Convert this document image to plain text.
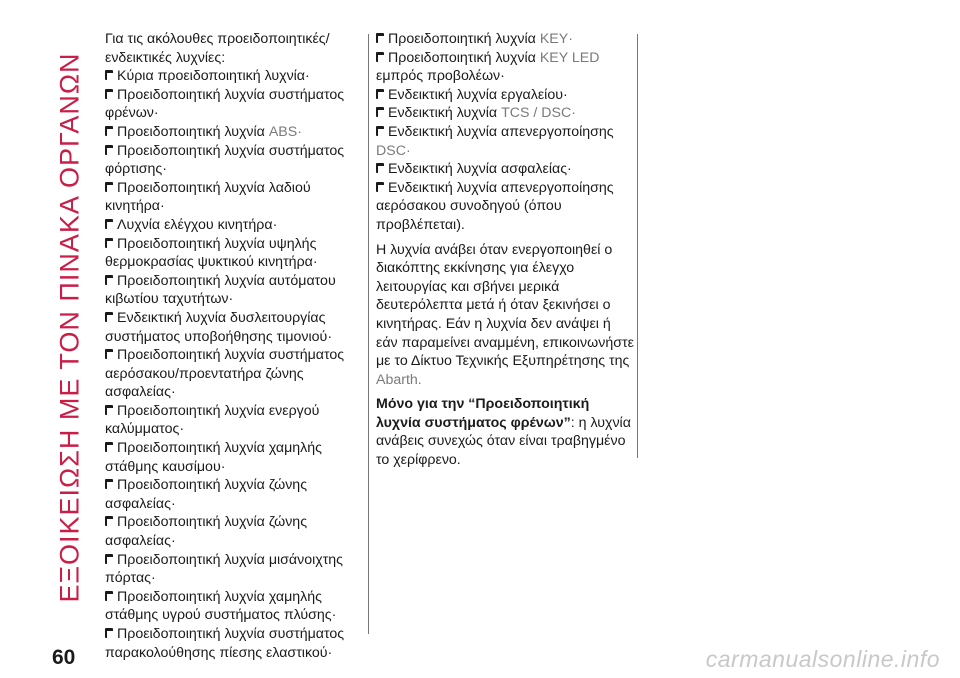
ΕΞΟΙΚΕΙΩΣΗ ΜΕ ΤΟΝ ΠΙΝΑΚΑ ΟΡΓΑΝΩΝ

Για τις ακόλουθες προειδοποιητικές/ ενδεικτικές λυχνίες:

Κύρια προειδοποιητική λυχνία·

Προειδοποιητική λυχνία συστήματος φρένων·

Προειδοποιητική λυχνία ABS·

Προειδοποιητική λυχνία συστήματος φόρτισης·

Προειδοποιητική λυχνία λαδιού κινητήρα·

Λυχνία ελέγχου κινητήρα·

Προειδοποιητική λυχνία υψηλής θερμοκρασίας ψυκτικού κινητήρα·

Προειδοποιητική λυχνία αυτόματου κιβωτίου ταχυτήτων·

Ενδεικτική λυχνία δυσλειτουργίας συστήματος υποβοήθησης τιμονιού·

Προειδοποιητική λυχνία συστήματος αερόσακου/προεντατήρα ζώνης ασφαλείας·

Προειδοποιητική λυχνία ενεργού καλύμματος·

Προειδοποιητική λυχνία χαμηλής στάθμης καυσίμου·

Προειδοποιητική λυχνία ζώνης ασφαλείας·

Προειδοποιητική λυχνία ζώνης ασφαλείας·

Προειδοποιητική λυχνία μισάνοιχτης πόρτας·

Προειδοποιητική λυχνία χαμηλής στάθμης υγρού συστήματος πλύσης·

Προειδοποιητική λυχνία συστήματος παρακολούθησης πίεσης ελαστικού·

Προειδοποιητική λυχνία KEY·

Προειδοποιητική λυχνία KEY LED εμπρός προβολέων·

Ενδεικτική λυχνία εργαλείου·

Ενδεικτική λυχνία TCS / DSC·

Ενδεικτική λυχνία απενεργοποίησης DSC·

Ενδεικτική λυχνία ασφαλείας·

Ενδεικτική λυχνία απενεργοποίησης αερόσακου συνοδηγού (όπου προβλέπεται).

Η λυχνία ανάβει όταν ενεργοποιηθεί ο διακόπτης εκκίνησης για έλεγχο λειτουργίας και σβήνει μερικά δευτερόλεπτα μετά ή όταν ξεκινήσει ο κινητήρας. Εάν η λυχνία δεν ανάψει ή εάν παραμείνει αναμμένη, επικοινωνήστε με το Δίκτυο Τεχνικής Εξυπηρέτησης της Abarth.

Μόνο για την “Προειδοποιητική λυχνία συστήματος φρένων”: η λυχνία ανάβεις συνεχώς όταν είναι τραβηγμένο το χερίφρενο.

60	carmanualsonline.info
